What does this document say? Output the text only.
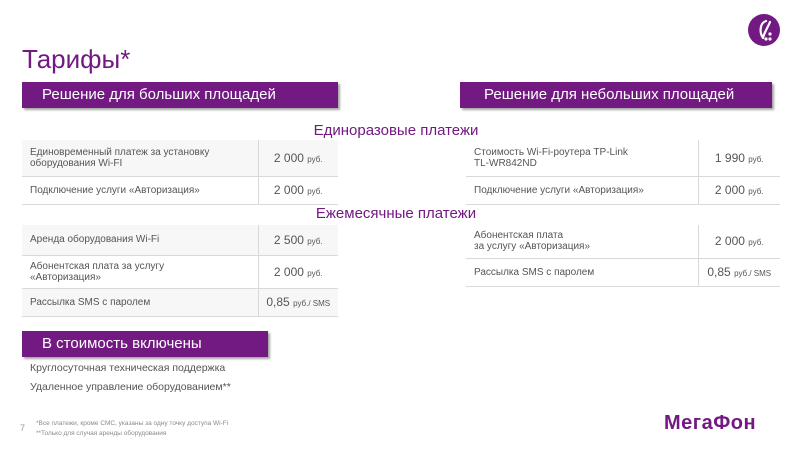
Тарифы*
Решение для больших площадей	Решение для небольших площадей
Единоразовые платежи
Ежемесячные платежи
Единовременный платеж за установку
оборудования Wi-FI	2 000 руб.
Подключение услуги «Авторизация»	2 000 руб.
Стоимость Wi-Fi-роутера TP-Link
TL-WR842ND	1 990 руб.
Подключение услуги «Авторизация»	2 000 руб.
Аренда оборудования Wi-Fi	2 500 руб.
Абонентская плата за услугу
«Авторизация»	2 000 руб.
Рассылка SMS с паролем	0,85 руб./ SMS
Абонентская плата
за услугу «Авторизация»	2 000 руб.
Рассылка SMS с паролем	0,85 руб./ SMS
В стоимость включены
Круглосуточная техническая поддержка
Удаленное управление оборудованием**
7 *Все платежи, кроме СМС, указаны за одну точку доступа Wi-Fi
**Только для случая аренды оборудования	МегаФон
